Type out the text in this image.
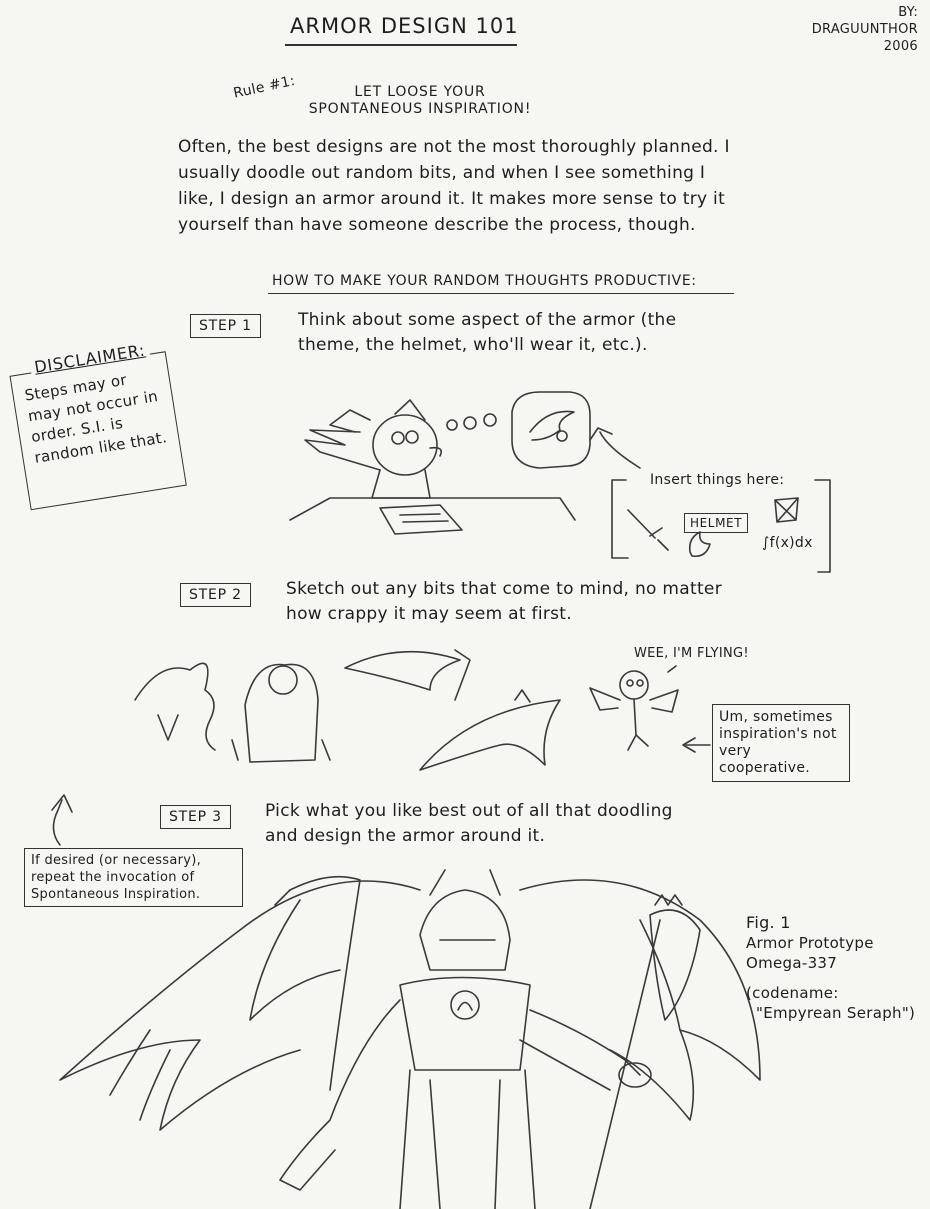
ARMOR DESIGN 101
BY:
DRAGUUNTHOR
2006
Rule #1:	LET LOOSE YOUR
SPONTANEOUS INSPIRATION!
Often, the best designs are not the most thoroughly planned. I usually doodle out random bits, and when I see something I like, I design an armor around it. It makes more sense to try it yourself than have someone describe the process, though.
HOW TO MAKE YOUR RANDOM THOUGHTS PRODUCTIVE:
STEP 1	Think about some aspect of the armor (the theme, the helmet, who'll wear it, etc.).
STEP 2	Sketch out any bits that come to mind, no matter how crappy it may seem at first.
STEP 3	Pick what you like best out of all that doodling and design the armor around it.
DISCLAIMER:
Steps may or may not occur in order. S.I. is random like that.
Insert things here:
HELMET
∫f(x)dx
WEE, I'M FLYING!
Um, sometimes inspiration's not very cooperative.
If desired (or necessary), repeat the invocation of Spontaneous Inspiration.
Fig. 1
Armor Prototype
Omega-337
(codename:
"Empyrean Seraph")
